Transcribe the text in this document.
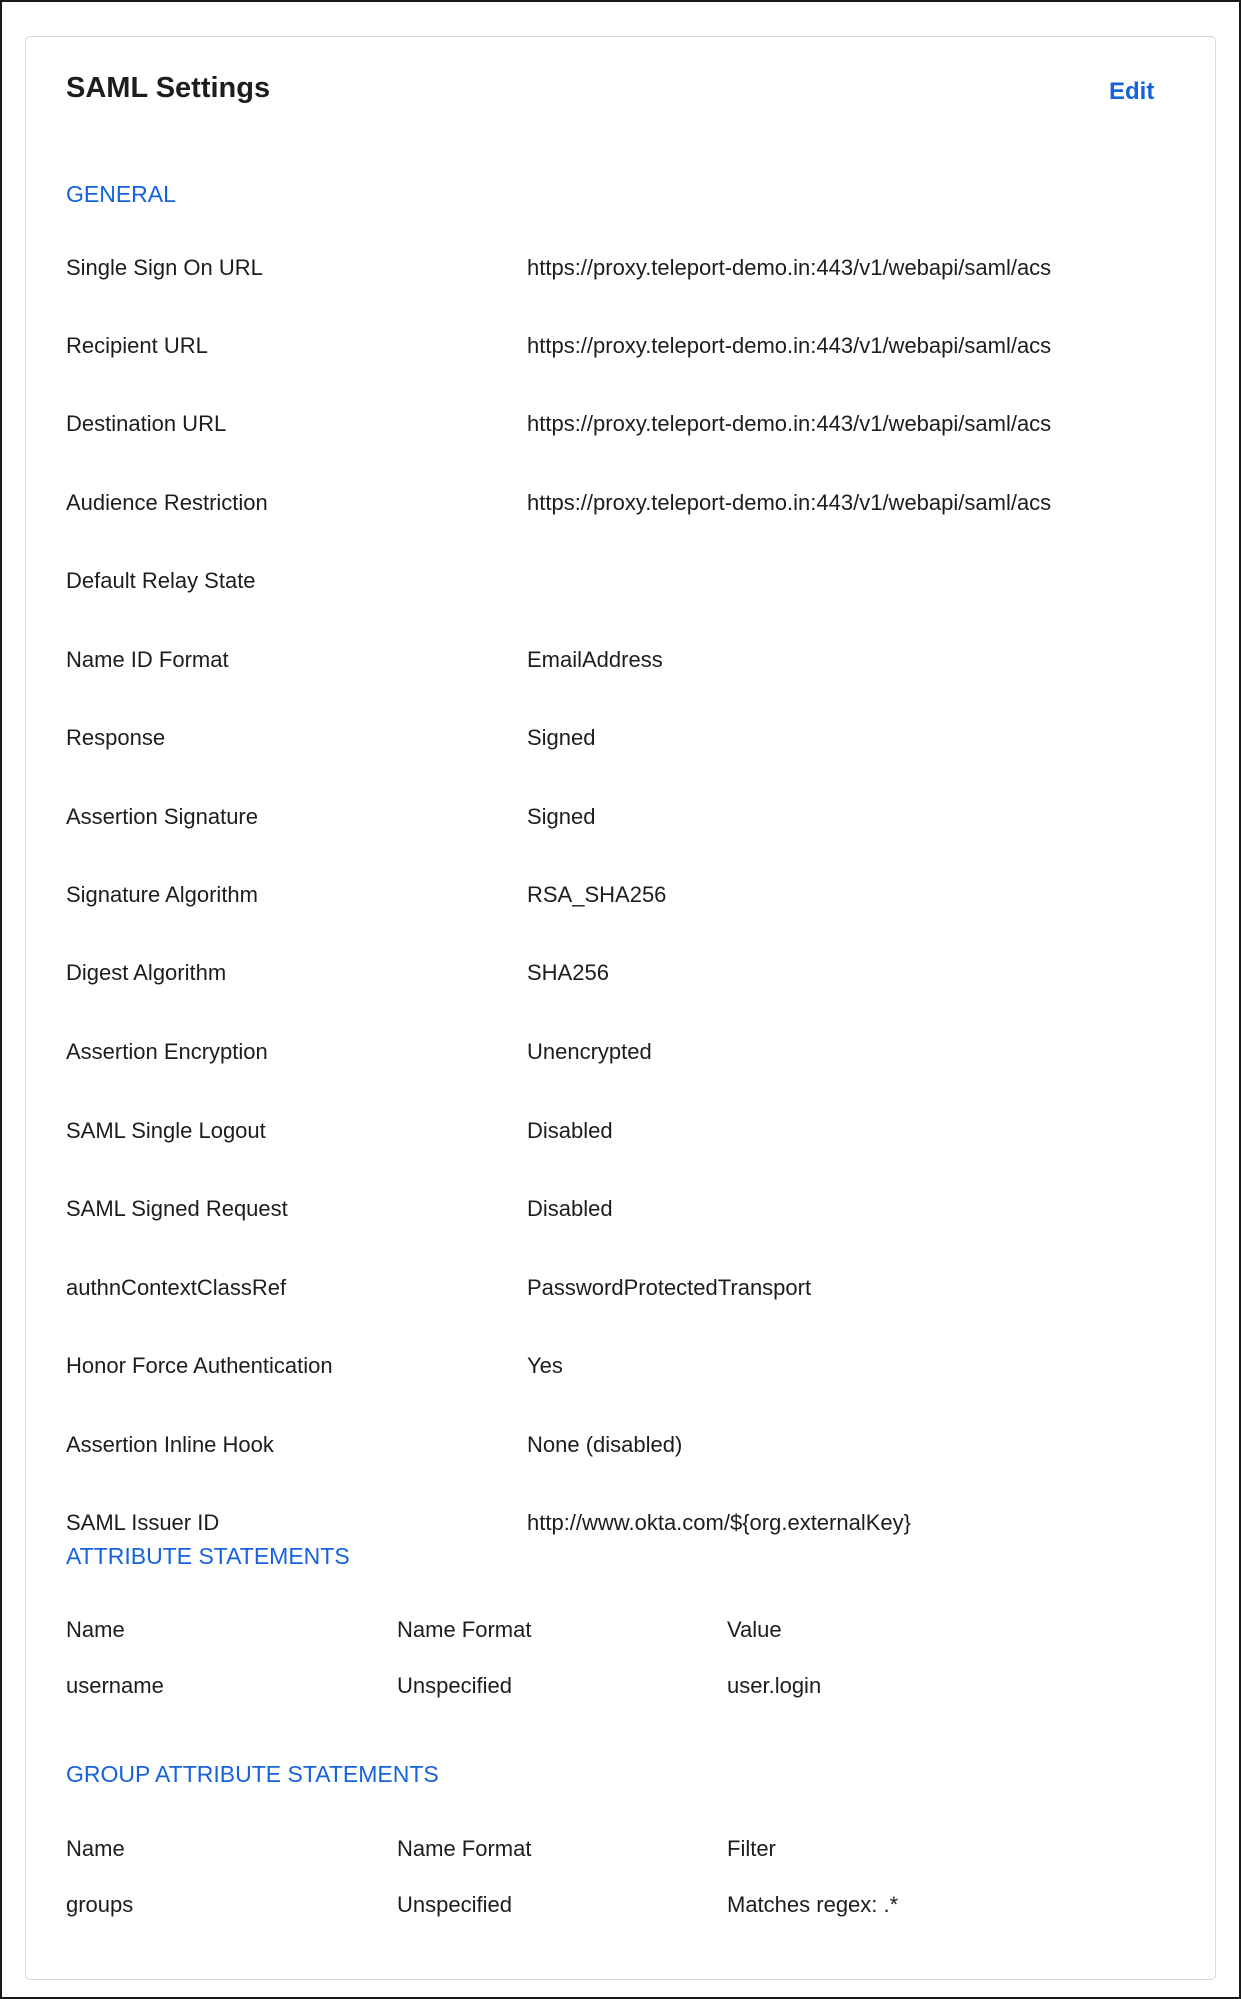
SAML Settings	Edit
GENERAL
Single Sign On URL	https://proxy.teleport-demo.in:443/v1/webapi/saml/acs
Recipient URL	https://proxy.teleport-demo.in:443/v1/webapi/saml/acs
Destination URL	https://proxy.teleport-demo.in:443/v1/webapi/saml/acs
Audience Restriction	https://proxy.teleport-demo.in:443/v1/webapi/saml/acs
Default Relay State
Name ID Format	EmailAddress
Response	Signed
Assertion Signature	Signed
Signature Algorithm	RSA_SHA256
Digest Algorithm	SHA256
Assertion Encryption	Unencrypted
SAML Single Logout	Disabled
SAML Signed Request	Disabled
authnContextClassRef	PasswordProtectedTransport
Honor Force Authentication	Yes
Assertion Inline Hook	None (disabled)
SAML Issuer ID	http://www.okta.com/${org.externalKey}
ATTRIBUTE STATEMENTS
Name	Name Format	Value
username	Unspecified	user.login
GROUP ATTRIBUTE STATEMENTS
Name	Name Format	Filter
groups	Unspecified	Matches regex: .*
